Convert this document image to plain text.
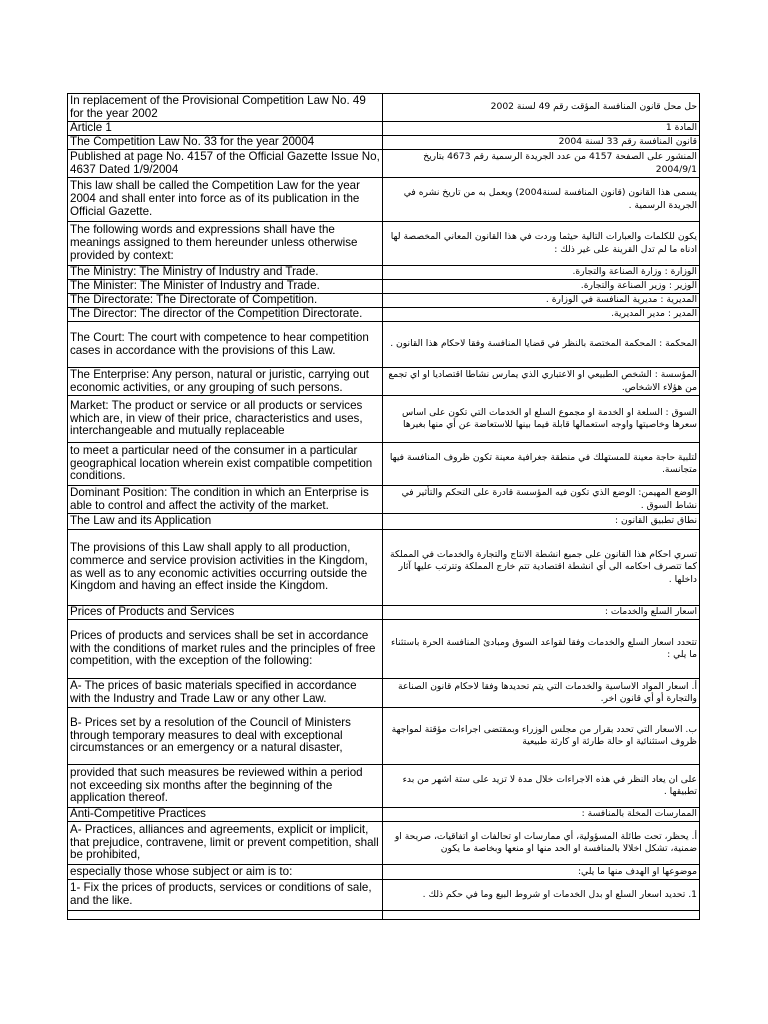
In replacement of the Provisional Competition Law No. 49 for the year 2002	حل محل قانون المنافسة المؤقت رقم 49 لسنة 2002
Article 1	المادة 1
The Competition Law No. 33 for the year 20004	قانون المنافسة رقم 33 لسنة 2004
Published at page No. 4157 of the Official Gazette Issue No, 4637 Dated 1/9/2004	المنشور على الصفحة 4157 من عدد الجريدة الرسمية رقم 4673 بتاريخ 2004/9/1
This law shall be called the Competition Law for the year 2004 and shall enter into force as of its publication in the Official Gazette.	يسمى هذا القانون (قانون المنافسة لسنة2004) ويعمل به من تاريخ نشره في الجريدة الرسمية .
The following words and expressions shall have the meanings assigned to them hereunder unless otherwise provided by context:	يكون للكلمات والعبارات التالية حيثما وردت في هذا القانون المعاني المخصصة لها ادناه ما لم تدل القرينة على غير ذلك :
The Ministry: The Ministry of Industry and Trade.	الوزارة : وزارة الصناعة والتجارة.
The Minister: The Minister of Industry and Trade.	الوزير : وزير الصناعة والتجارة.
The Directorate: The Directorate of Competition.	المديرية : مديرية المنافسة في الوزارة .
The Director: The director of the Competition Directorate.	المدير : مدير المديرية.
The Court: The court with competence to hear competition cases in accordance with the provisions of this Law.	المحكمة : المحكمة المختصة بالنظر في قضايا المنافسة وفقا لاحكام هذا القانون .
The Enterprise: Any person, natural or juristic, carrying out economic activities, or any grouping of such persons.	المؤسسة : الشخص الطبيعي او الاعتباري الذي يمارس نشاطا اقتصاديا او اي تجمع من هؤلاء الاشخاص.
Market: The product or service or all products or services which are, in view of their price, characteristics and uses, interchangeable and mutually replaceable	السوق : السلعة او الخدمة او مجموع السلع او الخدمات التي تكون على اساس سعرها وخاصيتها واوجه استعمالها قابلة فيما بينها للاستعاضة عن أي منها بغيرها
to meet a particular need of the consumer in a particular geographical location wherein exist compatible competition conditions.	لتلبية حاجة معينة للمستهلك في منطقة جغرافية معينة تكون ظروف المنافسة فيها متجانسة.
Dominant Position: The condition in which an Enterprise is able to control and affect the activity of the market.	الوضع المهيمن: الوضع الذي تكون فيه المؤسسة قادرة على التحكم والتأثير في نشاط السوق .
The Law and its Application	نطاق تطبيق القانون :
The provisions of this Law shall apply to all production, commerce and service provision activities in the Kingdom, as well as to any economic activities occurring outside the Kingdom and having an effect inside the Kingdom.	تسري احكام هذا القانون على جميع انشطة الانتاج والتجارة والخدمات في المملكة كما تتصرف احكامه الى أي انشطة اقتصادية تتم خارج المملكة وتترتب عليها آثار داخلها .
Prices of Products and Services	اسعار السلع والخدمات :
Prices of products and services shall be set in accordance with the conditions of market rules and the principles of free competition, with the exception of the following:	تتحدد اسعار السلع والخدمات وفقا لقواعد السوق ومبادئ المنافسة الحرة باستثناء ما يلي :
A- The prices of basic materials specified in accordance with the Industry and Trade Law or any other Law.	أ. اسعار المواد الاساسية والخدمات التي يتم تحديدها وفقا لاحكام قانون الصناعة والتجارة أو أي قانون اخر.
B- Prices set by a resolution of the Council of Ministers through temporary measures to deal with exceptional circumstances or an emergency or a natural disaster,	ب. الاسعار التي تحدد بقرار من مجلس الوزراء وبمقتضى اجراءات مؤقتة لمواجهة ظروف استثنائية او حالة طارئة او كارثة طبيعية
provided that such measures be reviewed within a period not exceeding six months after the beginning of the application thereof.	على ان يعاد النظر في هذه الاجراءات خلال مدة لا تزيد على ستة اشهر من بدء تطبيقها .
Anti-Competitive Practices	الممارسات المخلة بالمنافسة :
A- Practices, alliances and agreements, explicit or implicit, that prejudice, contravene, limit or prevent competition, shall be prohibited,	أ. يحظر، تحت طائلة المسؤولية، أي ممارسات او تحالفات او اتفاقيات، صريحة او ضمنية، تشكل اخلالا بالمنافسة او الحد منها او منعها وبخاصة ما يكون
especially those whose subject or aim is to:	موضوعها او الهدف منها ما يلي:
1- Fix the prices of products, services or conditions of sale, and the like.	1. تحديد اسعار السلع او بدل الخدمات او شروط البيع وما في حكم ذلك .
